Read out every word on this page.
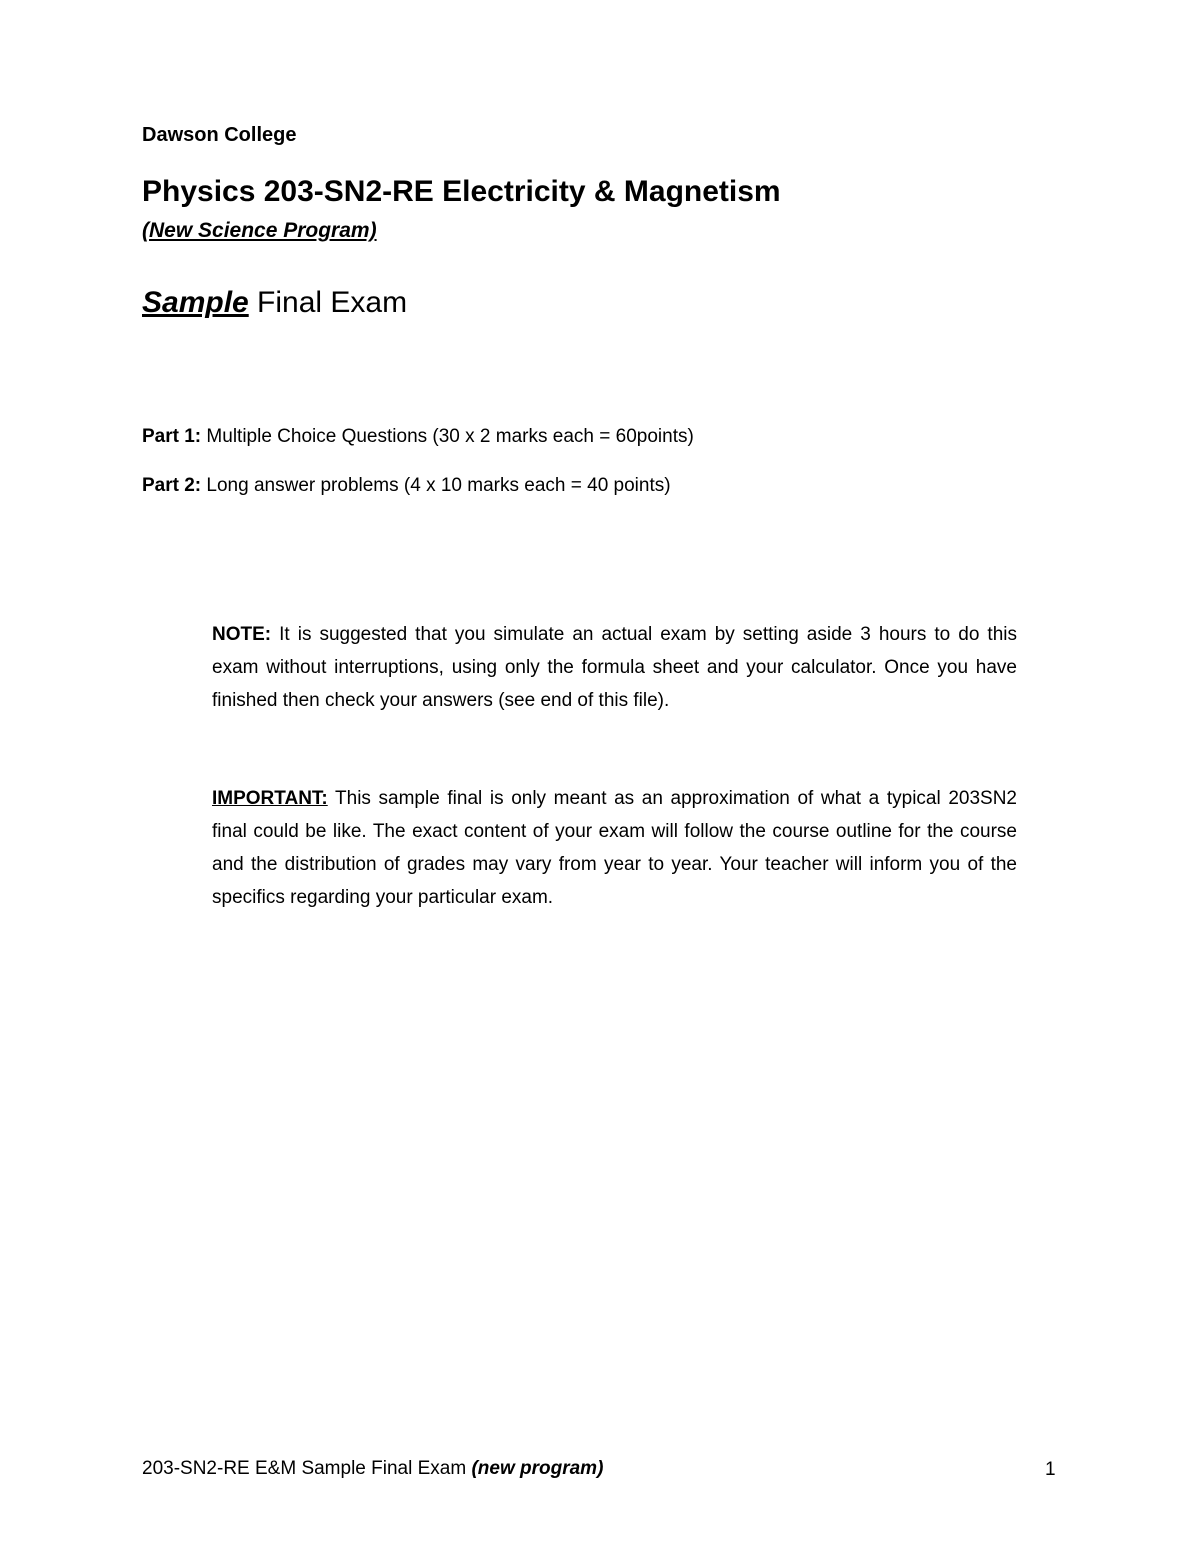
Dawson College
Physics 203-SN2-RE Electricity & Magnetism
(New Science Program)
Sample Final Exam
Part 1: Multiple Choice Questions (30 x 2 marks each = 60points)
Part 2: Long answer problems (4 x 10 marks each = 40 points)
NOTE: It is suggested that you simulate an actual exam by setting aside 3 hours to do this exam without interruptions, using only the formula sheet and your calculator. Once you have finished then check your answers (see end of this file).
IMPORTANT: This sample final is only meant as an approximation of what a typical 203SN2 final could be like. The exact content of your exam will follow the course outline for the course and the distribution of grades may vary from year to year. Your teacher will inform you of the specifics regarding your particular exam.
203-SN2-RE E&M Sample Final Exam (new program)	1
